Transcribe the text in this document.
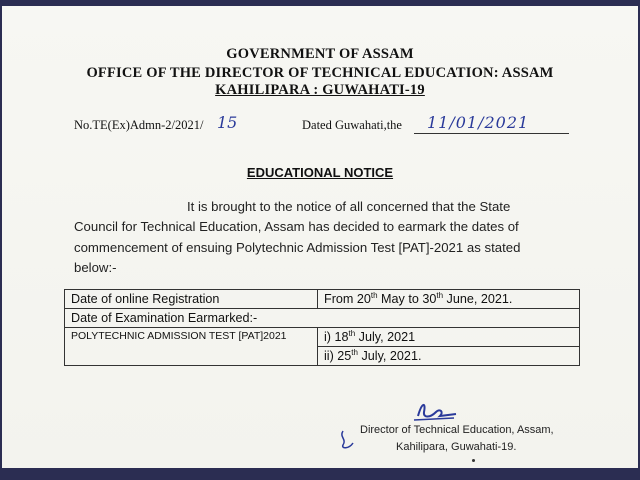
GOVERNMENT OF ASSAM
OFFICE OF THE DIRECTOR OF TECHNICAL EDUCATION: ASSAM
KAHILIPARA : GUWAHATI-19
No.TE(Ex)Admn-2/2021/ 15	Dated Guwahati,the 11/01/2021
EDUCATIONAL NOTICE
It is brought to the notice of all concerned that the State
Council for Technical Education, Assam has decided to earmark the dates of
commencement of ensuing Polytechnic Admission Test [PAT]-2021 as stated
below:-
Date of online Registration	From 20th May to 30th June, 2021.
Date of Examination Earmarked:-	
POLYTECHNIC ADMISSION TEST [PAT]2021	i) 18th July, 2021
	ii) 25th July, 2021.
Director of Technical Education, Assam,
Kahilipara, Guwahati-19.
